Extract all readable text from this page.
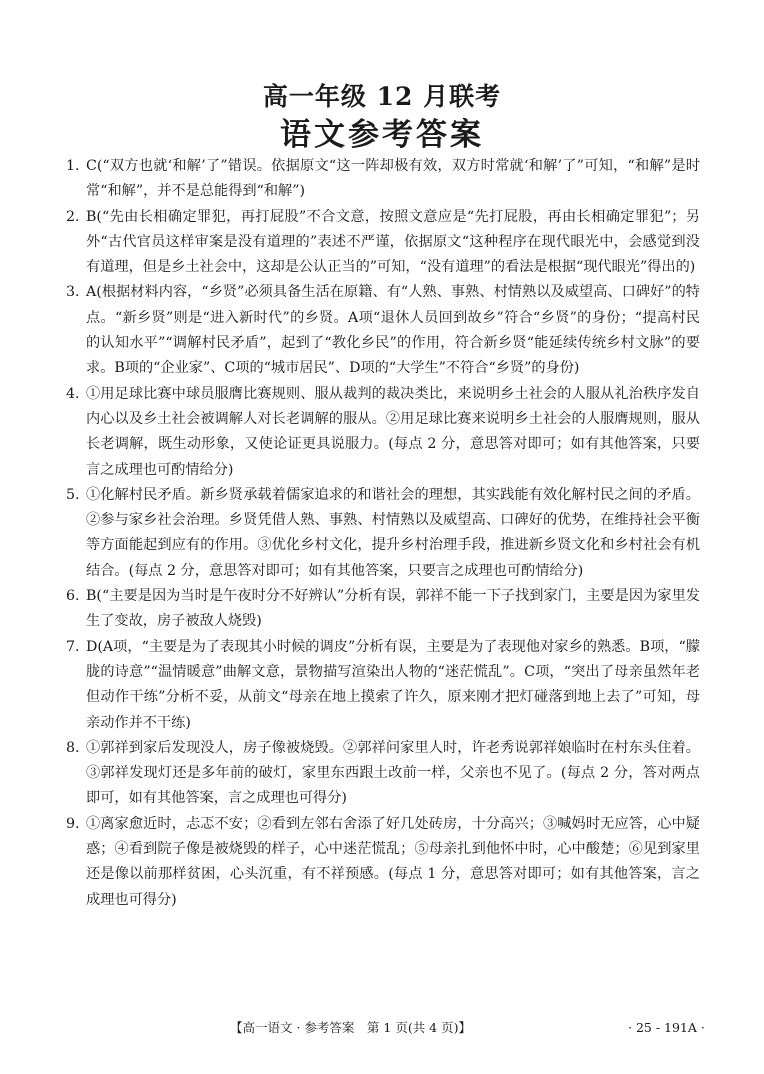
高一年级 12 月联考
语文参考答案

1. C(“双方也就‘和解’了”错误。依据原文“这一阵却极有效，双方时常就‘和解’了”可知，“和解”是时常“和解”，并不是总能得到“和解”)

2. B(“先由长相确定罪犯，再打屁股”不合文意，按照文意应是“先打屁股，再由长相确定罪犯”；另外“古代官员这样审案是没有道理的”表述不严谨，依据原文“这种程序在现代眼光中，会感觉到没有道理，但是乡土社会中，这却是公认正当的”可知，“没有道理”的看法是根据“现代眼光”得出的)

3. A(根据材料内容，“乡贤”必须具备生活在原籍、有“人熟、事熟、村情熟以及威望高、口碑好”的特点。“新乡贤”则是“进入新时代”的乡贤。A项“退休人员回到故乡”符合“乡贤”的身份；“提高村民的认知水平”“调解村民矛盾”，起到了“教化乡民”的作用，符合新乡贤“能延续传统乡村文脉”的要求。B项的“企业家”、C项的“城市居民”、D项的“大学生”不符合“乡贤”的身份)

4. ①用足球比赛中球员服膺比赛规则、服从裁判的裁决类比，来说明乡土社会的人服从礼治秩序发自内心以及乡土社会被调解人对长老调解的服从。②用足球比赛来说明乡土社会的人服膺规则，服从长老调解，既生动形象，又使论证更具说服力。(每点 2 分，意思答对即可；如有其他答案，只要言之成理也可酌情给分)

5. ①化解村民矛盾。新乡贤承载着儒家追求的和谐社会的理想，其实践能有效化解村民之间的矛盾。②参与家乡社会治理。乡贤凭借人熟、事熟、村情熟以及威望高、口碑好的优势，在维持社会平衡等方面能起到应有的作用。③优化乡村文化，提升乡村治理手段，推进新乡贤文化和乡村社会有机结合。(每点 2 分，意思答对即可；如有其他答案，只要言之成理也可酌情给分)

6. B(“主要是因为当时是午夜时分不好辨认”分析有误，郭祥不能一下子找到家门，主要是因为家里发生了变故，房子被敌人烧毁)

7. D(A项，“主要是为了表现其小时候的调皮”分析有误，主要是为了表现他对家乡的熟悉。B项，“朦胧的诗意”“温情暖意”曲解文意，景物描写渲染出人物的“迷茫慌乱”。C项，“突出了母亲虽然年老但动作干练”分析不妥，从前文“母亲在地上摸索了许久，原来刚才把灯碰落到地上去了”可知，母亲动作并不干练)

8. ①郭祥到家后发现没人，房子像被烧毁。②郭祥问家里人时，许老秀说郭祥娘临时在村东头住着。③郭祥发现灯还是多年前的破灯，家里东西跟土改前一样，父亲也不见了。(每点 2 分，答对两点即可，如有其他答案，言之成理也可得分)

9. ①离家愈近时，忐忑不安；②看到左邻右舍添了好几处砖房，十分高兴；③喊妈时无应答，心中疑惑；④看到院子像是被烧毁的样子，心中迷茫慌乱；⑤母亲扎到他怀中时，心中酸楚；⑥见到家里还是像以前那样贫困，心头沉重，有不祥预感。(每点 1 分，意思答对即可；如有其他答案，言之成理也可得分)

【高一语文 · 参考答案　第 1 页(共 4 页)】	· 25 - 191A ·
